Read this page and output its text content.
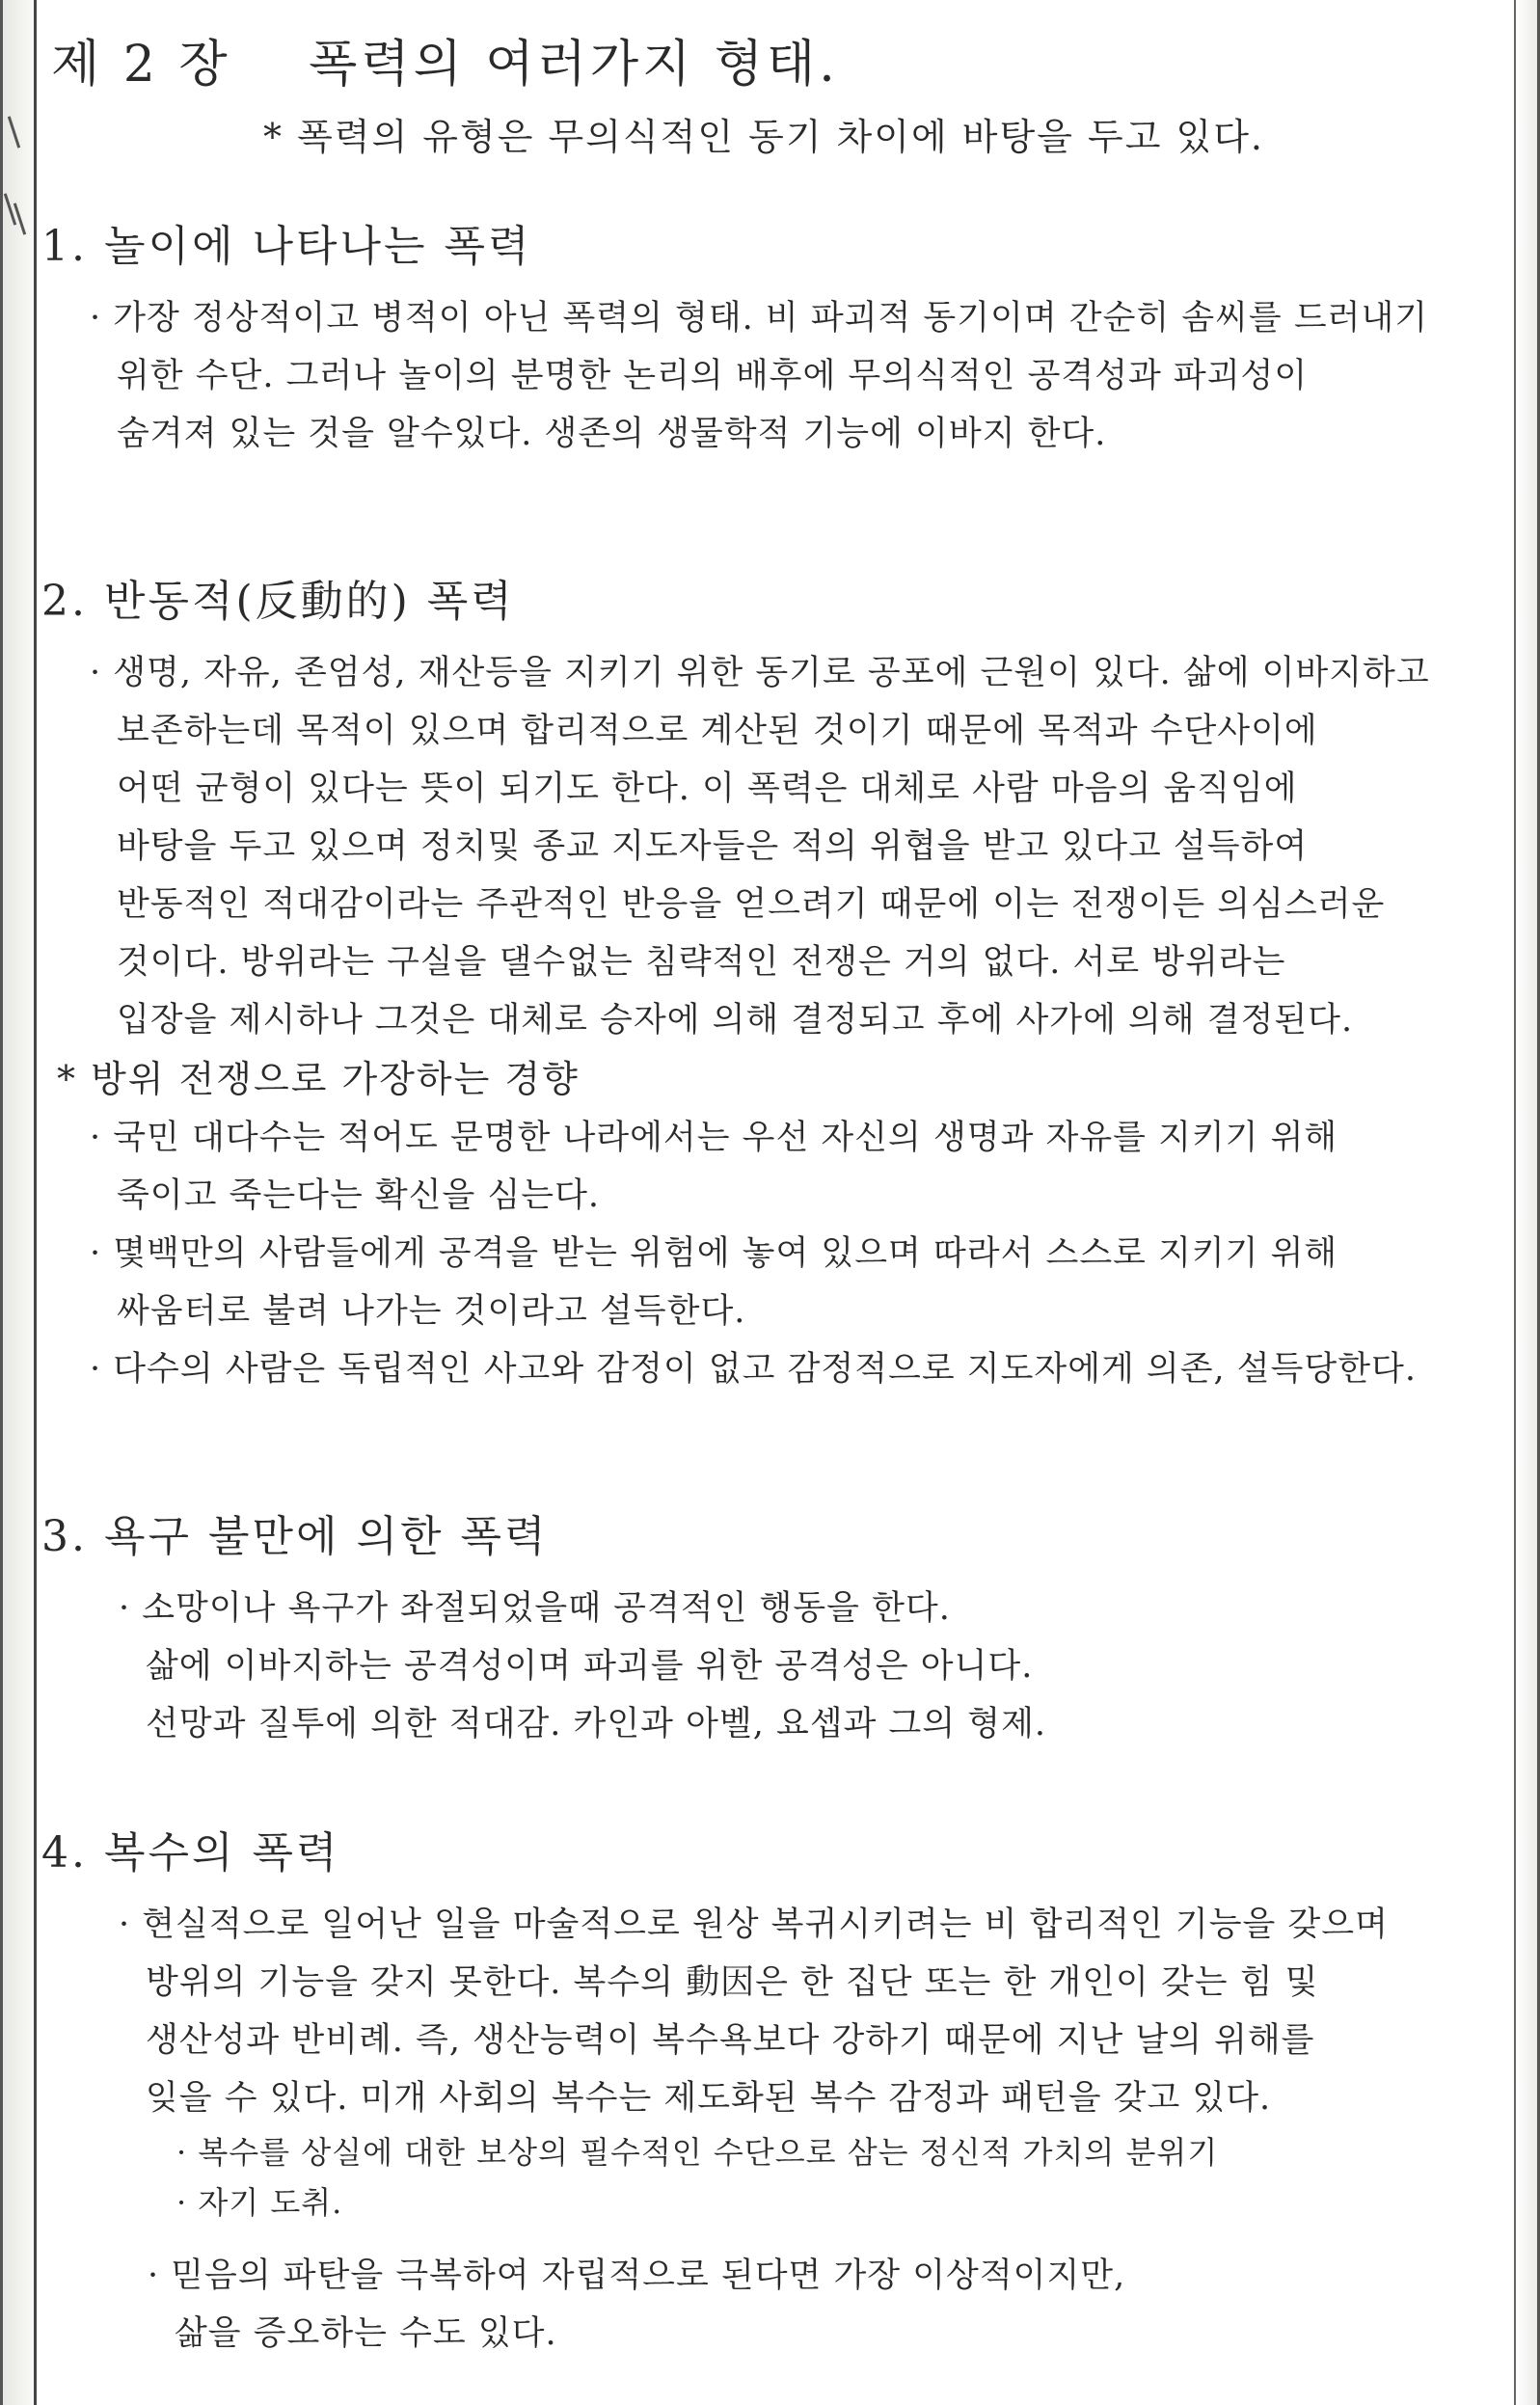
제 2 장 폭력의 여러가지 형태.
* 폭력의 유형은 무의식적인 동기 차이에 바탕을 두고 있다.
1. 놀이에 나타나는 폭력
· 가장 정상적이고 병적이 아닌 폭력의 형태. 비 파괴적 동기이며 간순히 솜씨를 드러내기
위한 수단. 그러나 놀이의 분명한 논리의 배후에 무의식적인 공격성과 파괴성이
숨겨져 있는 것을 알수있다. 생존의 생물학적 기능에 이바지 한다.
2. 반동적(反動的) 폭력
· 생명, 자유, 존엄성, 재산등을 지키기 위한 동기로 공포에 근원이 있다. 삶에 이바지하고
보존하는데 목적이 있으며 합리적으로 계산된 것이기 때문에 목적과 수단사이에
어떤 균형이 있다는 뜻이 되기도 한다. 이 폭력은 대체로 사람 마음의 움직임에
바탕을 두고 있으며 정치및 종교 지도자들은 적의 위협을 받고 있다고 설득하여
반동적인 적대감이라는 주관적인 반응을 얻으려기 때문에 이는 전쟁이든 의심스러운
것이다. 방위라는 구실을 댈수없는 침략적인 전쟁은 거의 없다. 서로 방위라는
입장을 제시하나 그것은 대체로 승자에 의해 결정되고 후에 사가에 의해 결정된다.
* 방위 전쟁으로 가장하는 경향
· 국민 대다수는 적어도 문명한 나라에서는 우선 자신의 생명과 자유를 지키기 위해
죽이고 죽는다는 확신을 심는다.
· 몇백만의 사람들에게 공격을 받는 위험에 놓여 있으며 따라서 스스로 지키기 위해
싸움터로 불려 나가는 것이라고 설득한다.
· 다수의 사람은 독립적인 사고와 감정이 없고 감정적으로 지도자에게 의존, 설득당한다.
3. 욕구 불만에 의한 폭력
· 소망이나 욕구가 좌절되었을때 공격적인 행동을 한다.
삶에 이바지하는 공격성이며 파괴를 위한 공격성은 아니다.
선망과 질투에 의한 적대감. 카인과 아벨, 요셉과 그의 형제.
4. 복수의 폭력
· 현실적으로 일어난 일을 마술적으로 원상 복귀시키려는 비 합리적인 기능을 갖으며
방위의 기능을 갖지 못한다. 복수의 動因은 한 집단 또는 한 개인이 갖는 힘 및
생산성과 반비례. 즉, 생산능력이 복수욕보다 강하기 때문에 지난 날의 위해를
잊을 수 있다. 미개 사회의 복수는 제도화된 복수 감정과 패턴을 갖고 있다.
· 복수를 상실에 대한 보상의 필수적인 수단으로 삼는 정신적 가치의 분위기
· 자기 도취.
· 믿음의 파탄을 극복하여 자립적으로 된다면 가장 이상적이지만,
삶을 증오하는 수도 있다.
